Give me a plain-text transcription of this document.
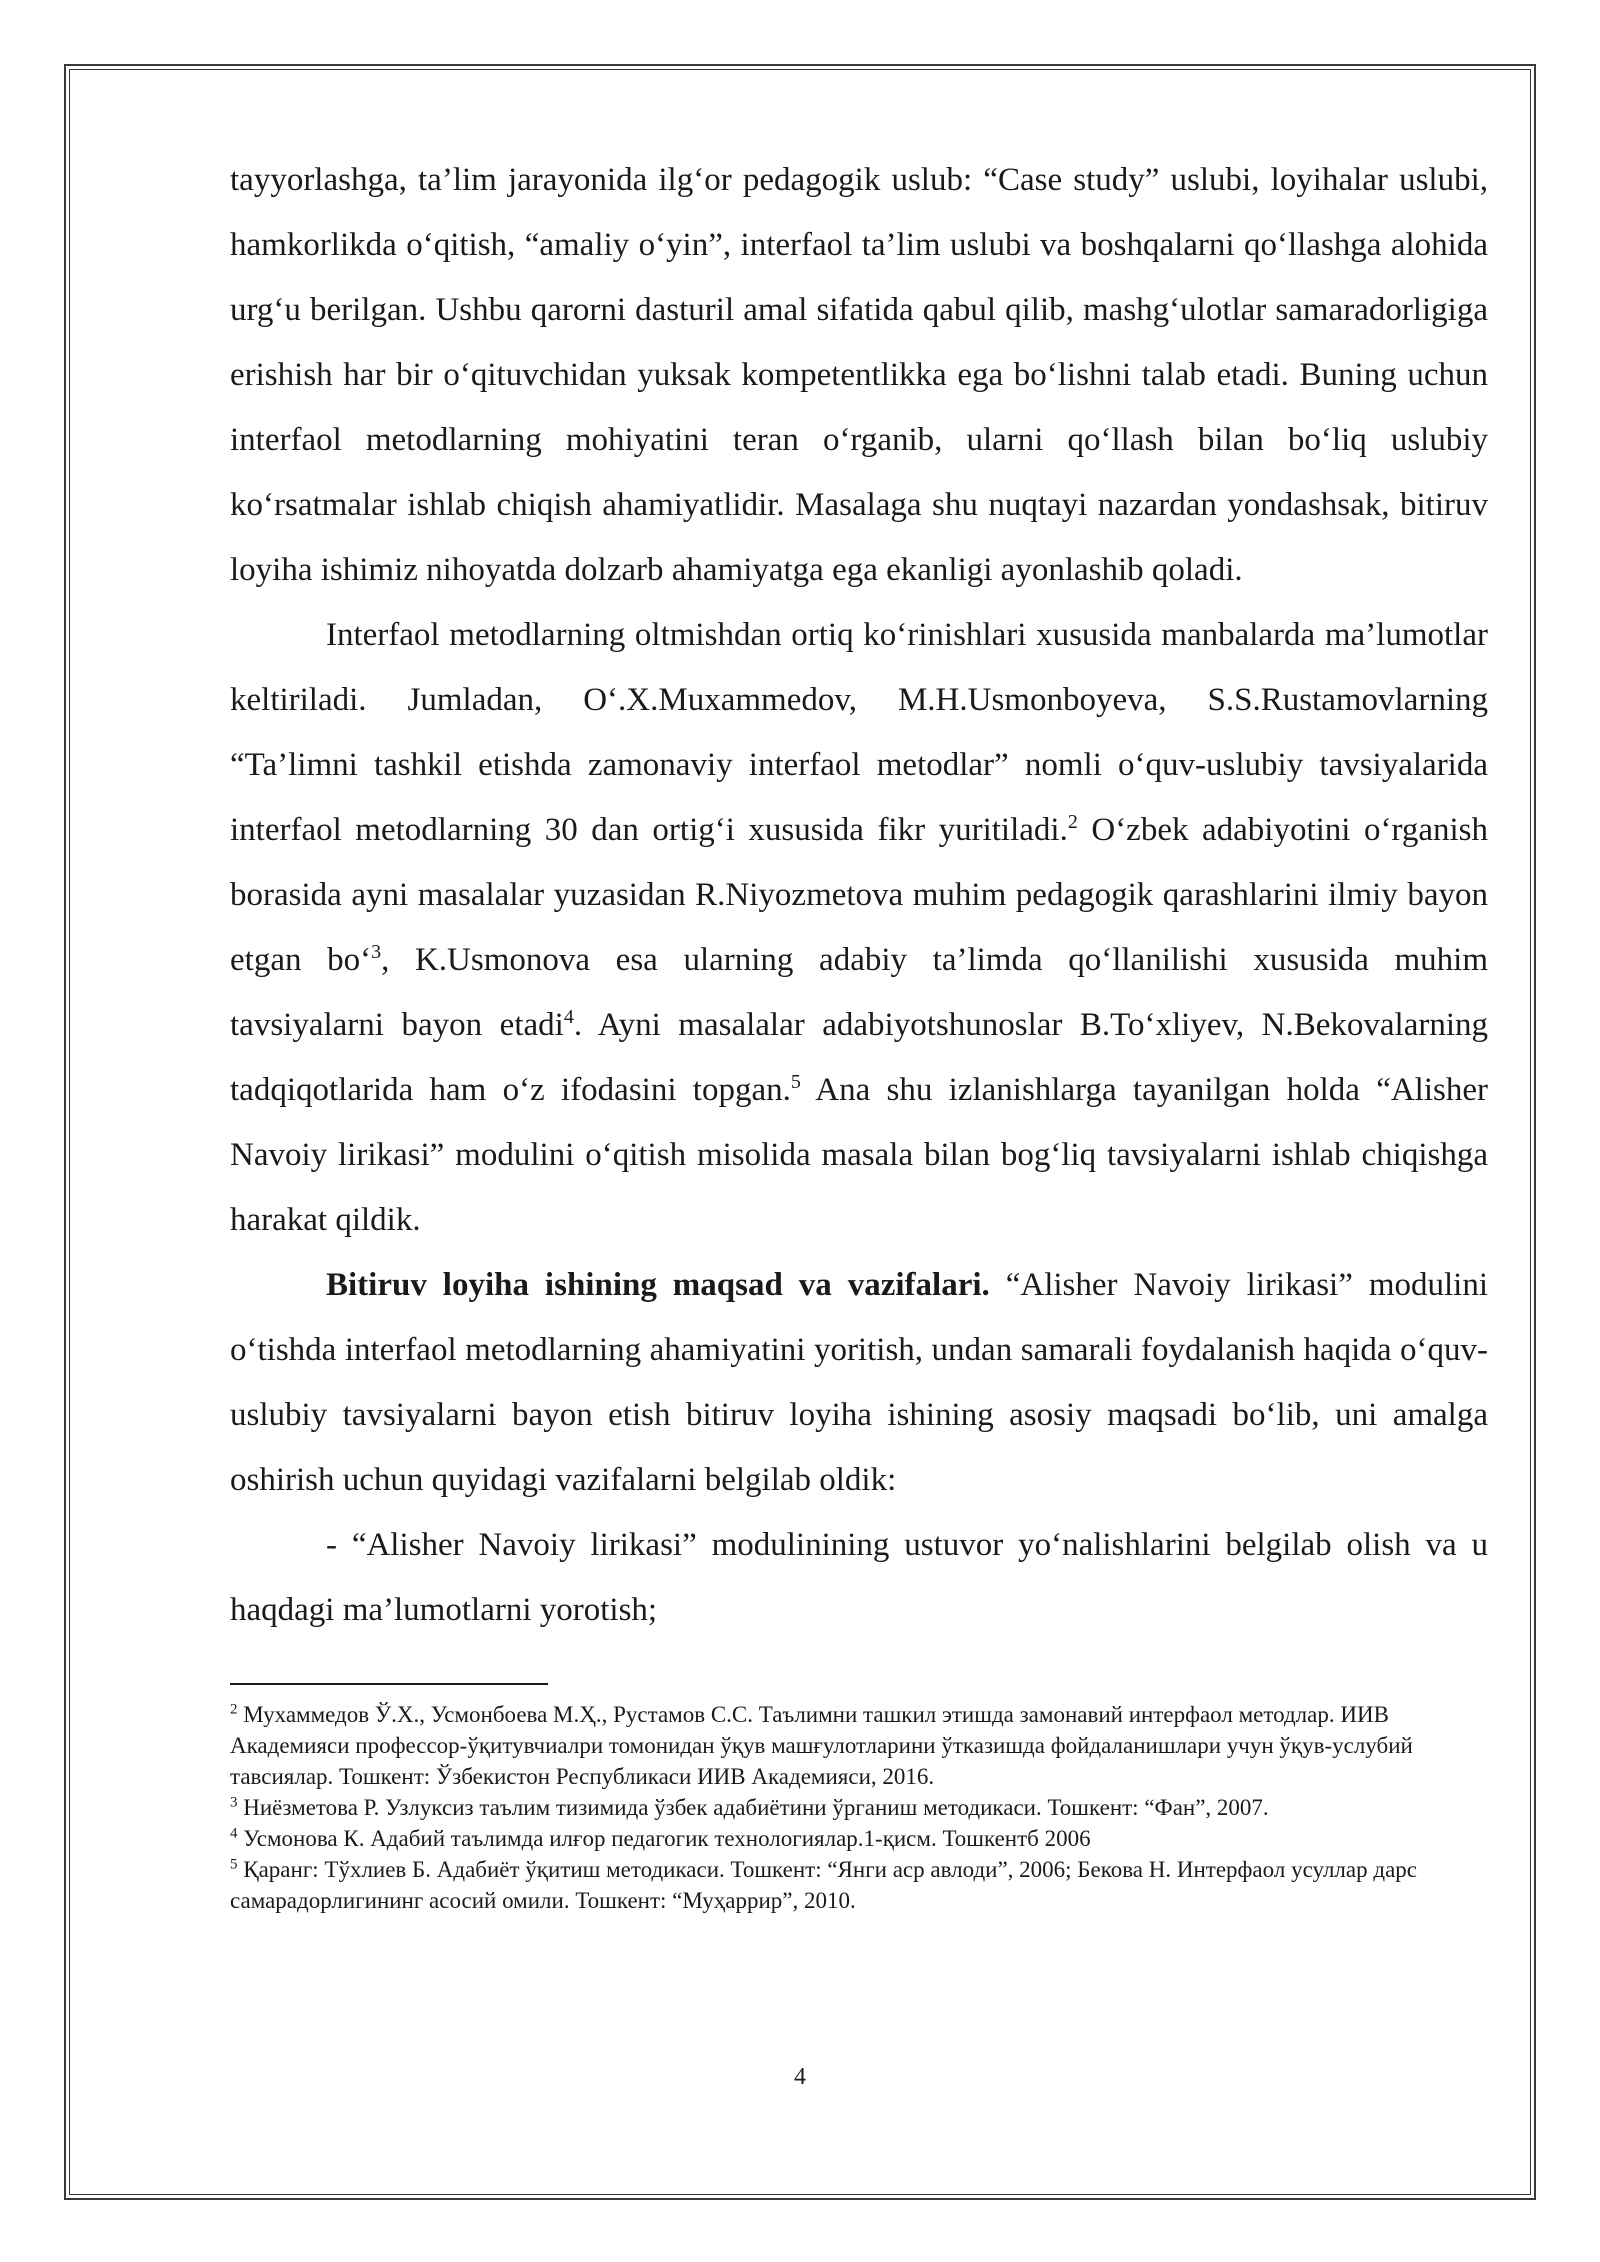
tayyorlashga, ta’lim jarayonida ilg‘or pedagogik uslub: “Case study” uslubi, loyihalar uslubi, hamkorlikda o‘qitish, “amaliy o‘yin”, interfaol ta’lim uslubi va boshqalarni qo‘llashga alohida urg‘u berilgan. Ushbu qarorni dasturil amal sifatida qabul qilib, mashg‘ulotlar samaradorligiga erishish har bir o‘qituvchidan yuksak kompetentlikka ega bo‘lishni talab etadi. Buning uchun interfaol metodlarning mohiyatini teran o‘rganib, ularni qo‘llash bilan bo‘liq uslubiy ko‘rsatmalar ishlab chiqish ahamiyatlidir. Masalaga shu nuqtayi nazardan yondashsak, bitiruv loyiha ishimiz nihoyatda dolzarb ahamiyatga ega ekanligi ayonlashib qoladi.

Interfaol metodlarning oltmishdan ortiq ko‘rinishlari xususida manbalarda ma’lumotlar keltiriladi. Jumladan, O‘.X.Muxammedov, M.H.Usmonboyeva, S.S.Rustamovlarning “Ta’limni tashkil etishda zamonaviy interfaol metodlar” nomli o‘quv-uslubiy tavsiyalarida interfaol metodlarning 30 dan ortig‘i xususida fikr yuritiladi.$^2$ O‘zbek adabiyotini o‘rganish borasida ayni masalalar yuzasidan R.Niyozmetova muhim pedagogik qarashlarini ilmiy bayon etgan bo‘$^3$, K.Usmonova esa ularning adabiy ta’limda qo‘llanilishi xususida muhim tavsiyalarni bayon etadi$^4$. Ayni masalalar adabiyotshunoslar B.To‘xliyev, N.Bekovalarning tadqiqotlarida ham o‘z ifodasini topgan.$^5$ Ana shu izlanishlarga tayanilgan holda “Alisher Navoiy lirikasi” modulini o‘qitish misolida masala bilan bog‘liq tavsiyalarni ishlab chiqishga harakat qildik.

Bitiruv loyiha ishining maqsad va vazifalari. “Alisher Navoiy lirikasi” modulini o‘tishda interfaol metodlarning ahamiyatini yoritish, undan samarali foydalanish haqida o‘quv-uslubiy tavsiyalarni bayon etish bitiruv loyiha ishining asosiy maqsadi bo‘lib, uni amalga oshirish uchun quyidagi vazifalarni belgilab oldik:

- “Alisher Navoiy lirikasi” modulinining ustuvor yo‘nalishlarini belgilab olish va u haqdagi ma’lumotlarni yorotish;

$^2$ Мухаммедов Ў.Х., Усмонбоева М.Ҳ., Рустамов С.С. Таълимни ташкил этишда замонавий интерфаол методлар. ИИВ Академияси профессор-ўқитувчиалри томонидан ўқув машғулотларини ўтказишда фойдаланишлари учун ўқув-услубий тавсиялар. Тошкент: Ўзбекистон Республикаси ИИВ Академияси, 2016.

$^3$ Ниёзметова Р. Узлуксиз таълим тизимида ўзбек адабиётини ўрганиш методикаси. Тошкент: “Фан”, 2007.

$^4$ Усмонова К. Адабий таълимда илғор педагогик технологиялар.1-қисм. Тошкентб 2006

$^5$ Қаранг: Тўхлиев Б. Адабиёт ўқитиш методикаси. Тошкент: “Янги аср авлоди”, 2006; Бекова Н. Интерфаол усуллар дарс самарадорлигининг асосий омили. Тошкент: “Муҳаррир”, 2010.

4
